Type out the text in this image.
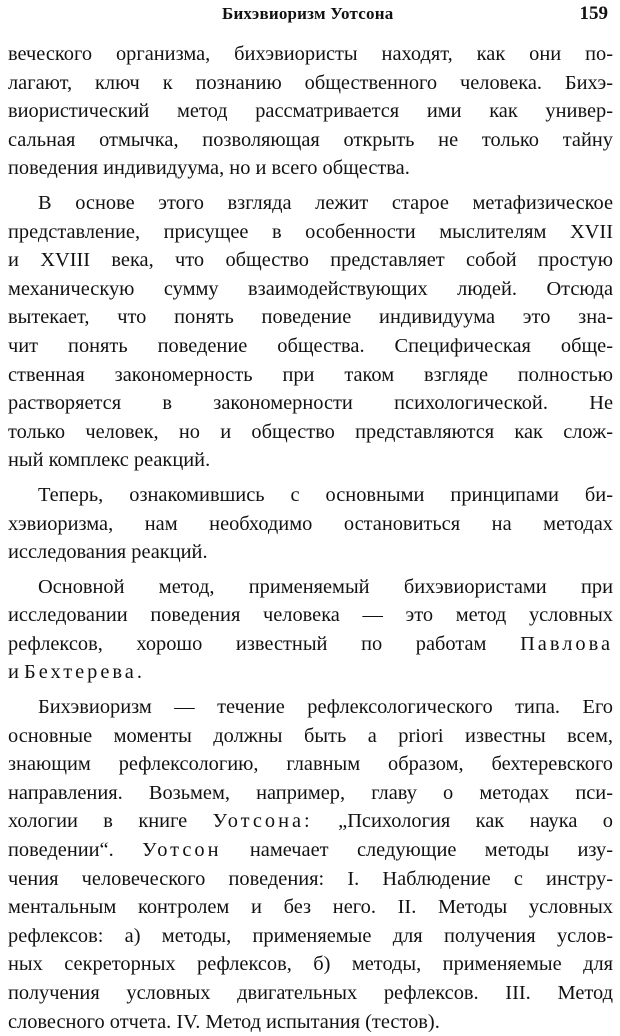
Бихэвиоризм Уотсона	159
веческого организма, бихэвиористы находят, как они по-
лагают, ключ к познанию общественного человека. Бихэ-
виористический метод рассматривается ими как универ-
сальная отмычка, позволяющая открыть не только тайну
поведения индивидуума, но и всего общества.
В основе этого взгляда лежит старое метафизическое
представление, присущее в особенности мыслителям XVII
и XVIII века, что общество представляет собой простую
механическую сумму взаимодействующих людей. Отсюда
вытекает, что понять поведение индивидуума это зна-
чит понять поведение общества. Специфическая обще-
ственная закономерность при таком взгляде полностью
растворяется в закономерности психологической. Не
только человек, но и общество представляются как слож-
ный комплекс реакций.
Теперь, ознакомившись с основными принципами би-
хэвиоризма, нам необходимо остановиться на методах
исследования реакций.
Основной метод, применяемый бихэвиористами при
исследовании поведения человека — это метод условных
рефлексов, хорошо известный по работам Павлова
и Бехтерева.
Бихэвиоризм — течение рефлексологического типа. Его
основные моменты должны быть a priori известны всем,
знающим рефлексологию, главным образом, бехтеревского
направления. Возьмем, например, главу о методах пси-
хологии в книге Уотсона: „Психология как наука о
поведении“. Уотсон намечает следующие методы изу-
чения человеческого поведения: I. Наблюдение с инстру-
ментальным контролем и без него. II. Методы условных
рефлексов: а) методы, применяемые для получения услов-
ных секреторных рефлексов, б) методы, применяемые для
получения условных двигательных рефлексов. III. Метод
словесного отчета. IV. Метод испытания (тестов).
